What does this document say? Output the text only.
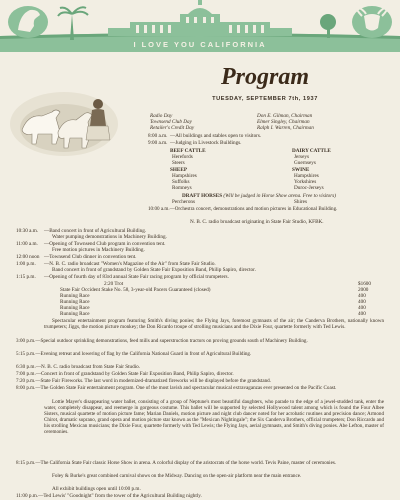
I LOVE YOU CALIFORNIA
Program
TUESDAY, SEPTEMBER 7th, 1937
Radio Day	Don E. Gilman, Chairman
Townsend Club Day	Elmer Singley, Chairman
Retailer's Credit Day	Ralph I. Warren, Chairman
8:00 a.m. —All buildings and stables open to visitors.
9:00 a.m. —Judging in Livestock Buildings.
BEEF CATTLE
Herefords
Steers
DAIRY CATTLE
Jerseys
Guernseys
SHEEP
Hampshires
Suffolks
Romneys
SWINE
Hampshires
Yorkshires
Duroc-Jerseys
DRAFT HORSES (Will be judged in Horse Show arena. Free to visitors)
Percherons	Shires
10:00 a.m.—Orchestra concert, demonstrations and motion pictures in Educational Building.
N. B. C. radio broadcast originating in State Fair Studio, KFBK.
10:30 a.m. —Band concert in front of Agricultural Building.
Water pumping demonstrations in Machinery Building.
11:00 a.m. —Opening of Townsend Club program in convention tent.
Free motion pictures in Machinery Building.
12:00 noon —Townsend Club dinner in convention tent.
1:00 p.m. —N. B. C. radio broadcast "Women's Magazine of the Air" from State Fair Studio.
Band concert in front of grandstand by Golden State Fair Exposition Band, Philip Sapiro, director.
1:15 p.m. —Opening of fourth day of 83rd annual State Fair racing program by official trumpeters.
2:20 Trot	$1600
State Fair Occident Stake No. 58, 3-year-old Pacers Guaranteed (closed)	2000
Running Race	400
Running Race	400
Running Race	400
Running Race	400
Spectacular entertainment program featuring Smith's diving ponies; the Flying Jays, foremost gymnasts of the air; the Canderva Brothers, nationally known trumpeters; Jiggs, the motion picture monkey; the Don Ricardo troupe of strolling musicians and the Dixie Four, quartette formerly with Ted Lewis.
3:00 p.m.—Special outdoor sprinkling demonstrations, feed mills and superstruction tractors on proving grounds south of Machinery Building.
5:15 p.m.—Evening retreat and lowering of flag by the California National Guard in front of Agricultural Building.
6:30 p.m.—N. B. C. radio broadcast from State Fair Studio.
7:00 p.m.—Concert in front of grandstand by Golden State Fair Exposition Band, Philip Sapiro, director.
7:20 p.m.—State Fair Fireworks. The last word in modernized-dramatized fireworks will be displayed before the grandstand.
8:00 p.m.—The Golden State Fair entertainment program. One of the most lavish and spectacular musical extravaganzas ever presented on the Pacific Coast.
Lottie Mayer's disappearing water ballet, consisting of a group of Neptune's most beautiful daughters, who parade to the edge of a jewel-studded tank, enter the water, completely disappear, and reemerge in gorgeous costume. This ballet will be supported by selected Hollywood talent among which is found the Four Albee Sisters, musical quartette of motion picture fame; Marian Daniels, motion picture and night club dancer noted for her acrobatic routines and precision dance; Armond Chirot, dramatic soprano, grand opera and motion picture star known as the "Mexican Nightingale"; the Six Canderva Brothers, official trumpeters; Don Riccardo and his strolling Mexican musicians; the Dixie Four, quartette formerly with Ted Lewis; the Flying Jays, aerial gymnasts, and Smith's diving ponies. Abe Lefton, master of ceremonies.
8:15 p.m.—The California State Fair classic Horse Show in arena. A colorful display of the aristocrats of the horse world. Tevis Paine, master of ceremonies.
Foley & Burke's great combined carnival shows on the Midway. Dancing on the open-air platform near the main entrance.
All exhibit buildings open until 10:00 p.m.
11:00 p.m.—Ted Lewis' "Goodnight" from the tower of the Agricultural Building nightly.
